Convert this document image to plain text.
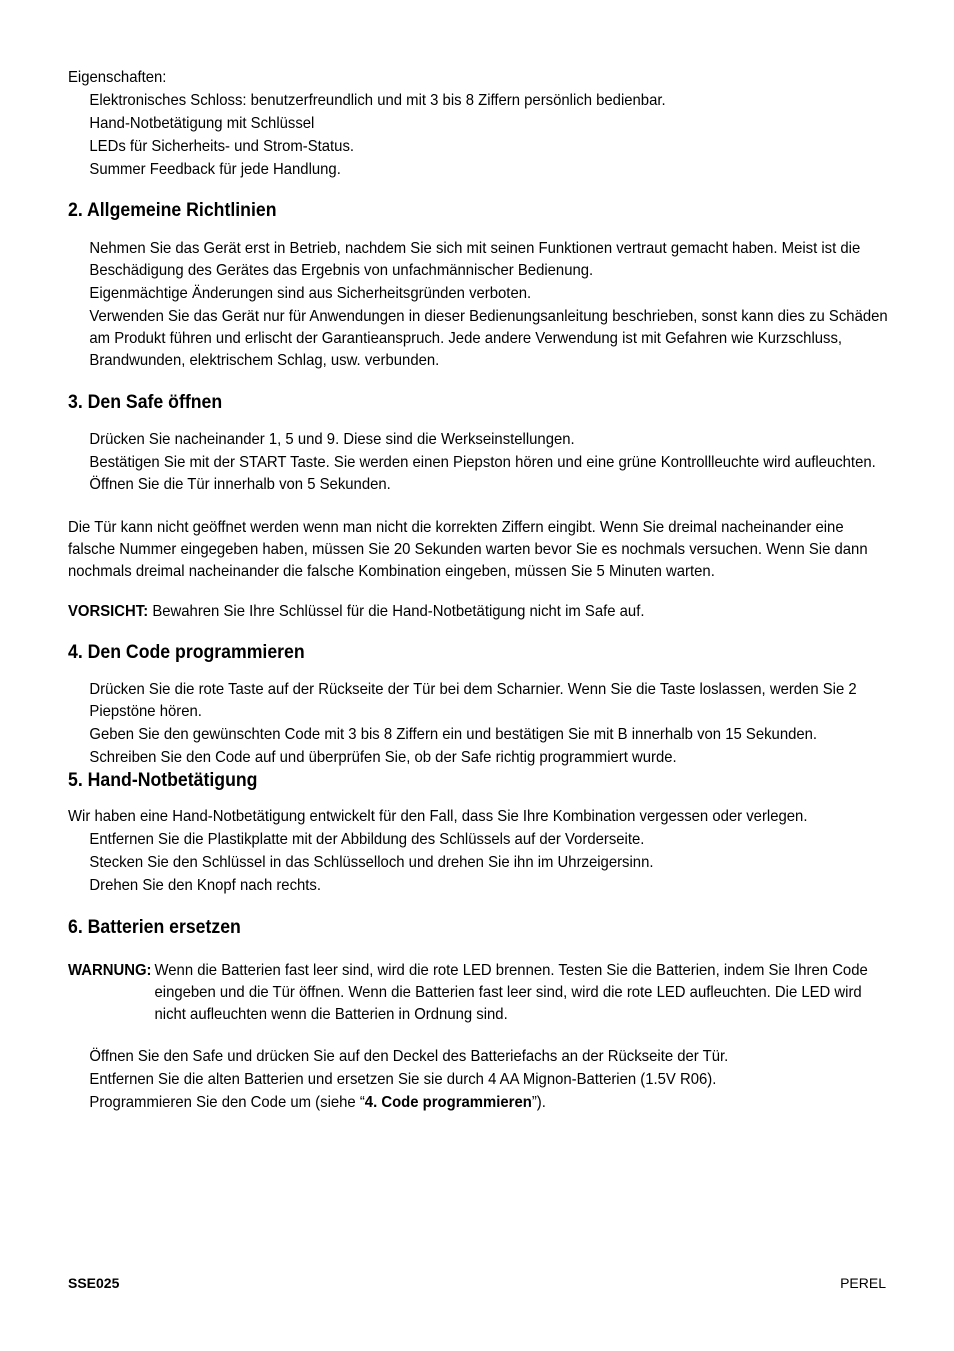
Eigenschaften:

Elektronisches Schloss: benutzerfreundlich und mit 3 bis 8 Ziffern persönlich bedienbar.

Hand-Notbetätigung mit Schlüssel

LEDs für Sicherheits- und Strom-Status.

Summer Feedback für jede Handlung.

2. Allgemeine Richtlinien

Nehmen Sie das Gerät erst in Betrieb, nachdem Sie sich mit seinen Funktionen vertraut gemacht haben. Meist ist die Beschädigung des Gerätes das Ergebnis von unfachmännischer Bedienung.

Eigenmächtige Änderungen sind aus Sicherheitsgründen verboten.

Verwenden Sie das Gerät nur für Anwendungen in dieser Bedienungsanleitung beschrieben, sonst kann dies zu Schäden am Produkt führen und erlischt der Garantieanspruch. Jede andere Verwendung ist mit Gefahren wie Kurzschluss, Brandwunden, elektrischem Schlag, usw. verbunden.

3. Den Safe öffnen

Drücken Sie nacheinander 1, 5 und 9. Diese sind die Werkseinstellungen.

Bestätigen Sie mit der START Taste. Sie werden einen Piepston hören und eine grüne Kontrollleuchte wird aufleuchten.

Öffnen Sie die Tür innerhalb von 5 Sekunden.

Die Tür kann nicht geöffnet werden wenn man nicht die korrekten Ziffern eingibt. Wenn Sie dreimal nacheinander eine falsche Nummer eingegeben haben, müssen Sie 20 Sekunden warten bevor Sie es nochmals versuchen. Wenn Sie dann nochmals dreimal nacheinander die falsche Kombination eingeben, müssen Sie 5 Minuten warten.

VORSICHT: Bewahren Sie Ihre Schlüssel für die Hand-Notbetätigung nicht im Safe auf.

4. Den Code programmieren

Drücken Sie die rote Taste auf der Rückseite der Tür bei dem Scharnier. Wenn Sie die Taste loslassen, werden Sie 2 Piepstöne hören.

Geben Sie den gewünschten Code mit 3 bis 8 Ziffern ein und bestätigen Sie mit B innerhalb von 15 Sekunden.

Schreiben Sie den Code auf und überprüfen Sie, ob der Safe richtig programmiert wurde.

5. Hand-Notbetätigung

Wir haben eine Hand-Notbetätigung entwickelt für den Fall, dass Sie Ihre Kombination vergessen oder verlegen.

Entfernen Sie die Plastikplatte mit der Abbildung des Schlüssels auf der Vorderseite.

Stecken Sie den Schlüssel in das Schlüsselloch und drehen Sie ihn im Uhrzeigersinn.

Drehen Sie den Knopf nach rechts.

6. Batterien ersetzen
WARNUNG: Wenn die Batterien fast leer sind, wird die rote LED brennen. Testen Sie die Batterien, indem Sie Ihren Code eingeben und die Tür öffnen. Wenn die Batterien fast leer sind, wird die rote LED aufleuchten. Die LED wird nicht aufleuchten wenn die Batterien in Ordnung sind.

Öffnen Sie den Safe und drücken Sie auf den Deckel des Batteriefachs an der Rückseite der Tür.

Entfernen Sie die alten Batterien und ersetzen Sie sie durch 4 AA Mignon-Batterien (1.5V R06).

Programmieren Sie den Code um (siehe “4. Code programmieren”).

SSE025	PEREL
